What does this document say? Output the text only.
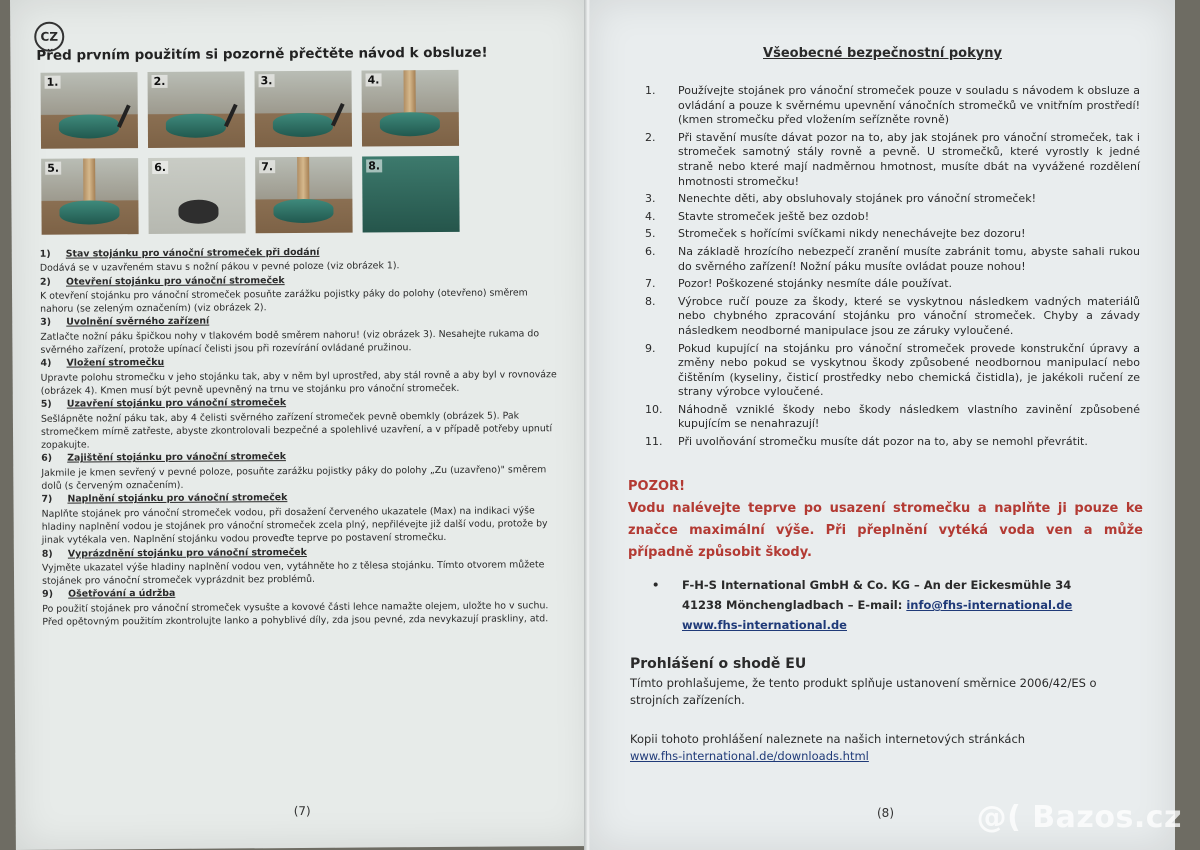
CZ
Před prvním použitím si pozorně přečtěte návod k obsluze!
1.	2.	3.	4.
5.	6.	7.	8.
1)	Stav stojánku pro vánoční stromeček při dodání
Dodává se v uzavřeném stavu s nožní pákou v pevné poloze (viz obrázek 1).
2)	Otevření stojánku pro vánoční stromeček
K otevření stojánku pro vánoční stromeček posuňte zarážku pojistky páky do polohy (otevřeno) směrem nahoru (se zeleným označením) (viz obrázek 2).
3)	Uvolnění svěrného zařízení
Zatlačte nožní páku špičkou nohy v tlakovém bodě směrem nahoru! (viz obrázek 3). Nesahejte rukama do svěrného zařízení, protože upínací čelisti jsou při rozevírání ovládané pružinou.
4)	Vložení stromečku
Upravte polohu stromečku v jeho stojánku tak, aby v něm byl uprostřed, aby stál rovně a aby byl v rovnováze (obrázek 4). Kmen musí být pevně upevněný na trnu ve stojánku pro vánoční stromeček.
5)	Uzavření stojánku pro vánoční stromeček
Sešlápněte nožní páku tak, aby 4 čelisti svěrného zařízení stromeček pevně obemkly (obrázek 5). Pak stromečkem mírně zatřeste, abyste zkontrolovali bezpečné a spolehlivé uzavření, a v případě potřeby upnutí zopakujte.
6)	Zajištění stojánku pro vánoční stromeček
Jakmile je kmen sevřený v pevné poloze, posuňte zarážku pojistky páky do polohy „Zu (uzavřeno)" směrem dolů (s červeným označením).
7)	Naplnění stojánku pro vánoční stromeček
Naplňte stojánek pro vánoční stromeček vodou, při dosažení červeného ukazatele (Max) na indikaci výše hladiny naplnění vodou je stojánek pro vánoční stromeček zcela plný, nepřilévejte již další vodu, protože by jinak vytékala ven. Naplnění stojánku vodou proveďte teprve po postavení stromečku.
8)	Vyprázdnění stojánku pro vánoční stromeček
Vyjměte ukazatel výše hladiny naplnění vodou ven, vytáhněte ho z tělesa stojánku. Tímto otvorem můžete stojánek pro vánoční stromeček vyprázdnit bez problémů.
9)	Ošetřování a údržba
Po použití stojánek pro vánoční stromeček vysušte a kovové části lehce namažte olejem, uložte ho v suchu. Před opětovným použitím zkontrolujte lanko a pohyblivé díly, zda jsou pevné, zda nevykazují praskliny, atd.
(7)
Všeobecné bezpečnostní pokyny
1.	Používejte stojánek pro vánoční stromeček pouze v souladu s návodem k obsluze a ovládání a pouze k svěrnému upevnění vánočních stromečků ve vnitřním prostředí! (kmen stromečku před vložením seřízněte rovně)
2.	Při stavění musíte dávat pozor na to, aby jak stojánek pro vánoční stromeček, tak i stromeček samotný stály rovně a pevně. U stromečků, které vyrostly k jedné straně nebo které mají nadměrnou hmotnost, musíte dbát na vyvážené rozdělení hmotnosti stromečku!
3.	Nenechte děti, aby obsluhovaly stojánek pro vánoční stromeček!
4.	Stavte stromeček ještě bez ozdob!
5.	Stromeček s hořícími svíčkami nikdy nenechávejte bez dozoru!
6.	Na základě hrozícího nebezpečí zranění musíte zabránit tomu, abyste sahali rukou do svěrného zařízení! Nožní páku musíte ovládat pouze nohou!
7.	Pozor! Poškozené stojánky nesmíte dále používat.
8.	Výrobce ručí pouze za škody, které se vyskytnou následkem vadných materiálů nebo chybného zpracování stojánku pro vánoční stromeček. Chyby a závady následkem neodborné manipulace jsou ze záruky vyloučené.
9.	Pokud kupující na stojánku pro vánoční stromeček provede konstrukční úpravy a změny nebo pokud se vyskytnou škody způsobené neodbornou manipulací nebo čištěním (kyseliny, čisticí prostředky nebo chemická čistidla), je jakékoli ručení ze strany výrobce vyloučené.
10.	Náhodně vzniklé škody nebo škody následkem vlastního zavinění způsobené kupujícím se nenahrazují!
11.	Při uvolňování stromečku musíte dát pozor na to, aby se nemohl převrátit.
POZOR!
Vodu nalévejte teprve po usazení stromečku a naplňte ji pouze ke značce maximální výše. Při přeplnění vytéká voda ven a může případně způsobit škody.
• F-H-S International GmbH & Co. KG – An der Eickesmühle 34
41238 Mönchengladbach – E-mail: info@fhs-international.de
www.fhs-international.de
Prohlášení o shodě EU

Tímto prohlašujeme, že tento produkt splňuje ustanovení směrnice 2006/42/ES o strojních zařízeních.

Kopii tohoto prohlášení naleznete na našich internetových stránkách
www.fhs-international.de/downloads.html
(8)	@( Bazos.cz
